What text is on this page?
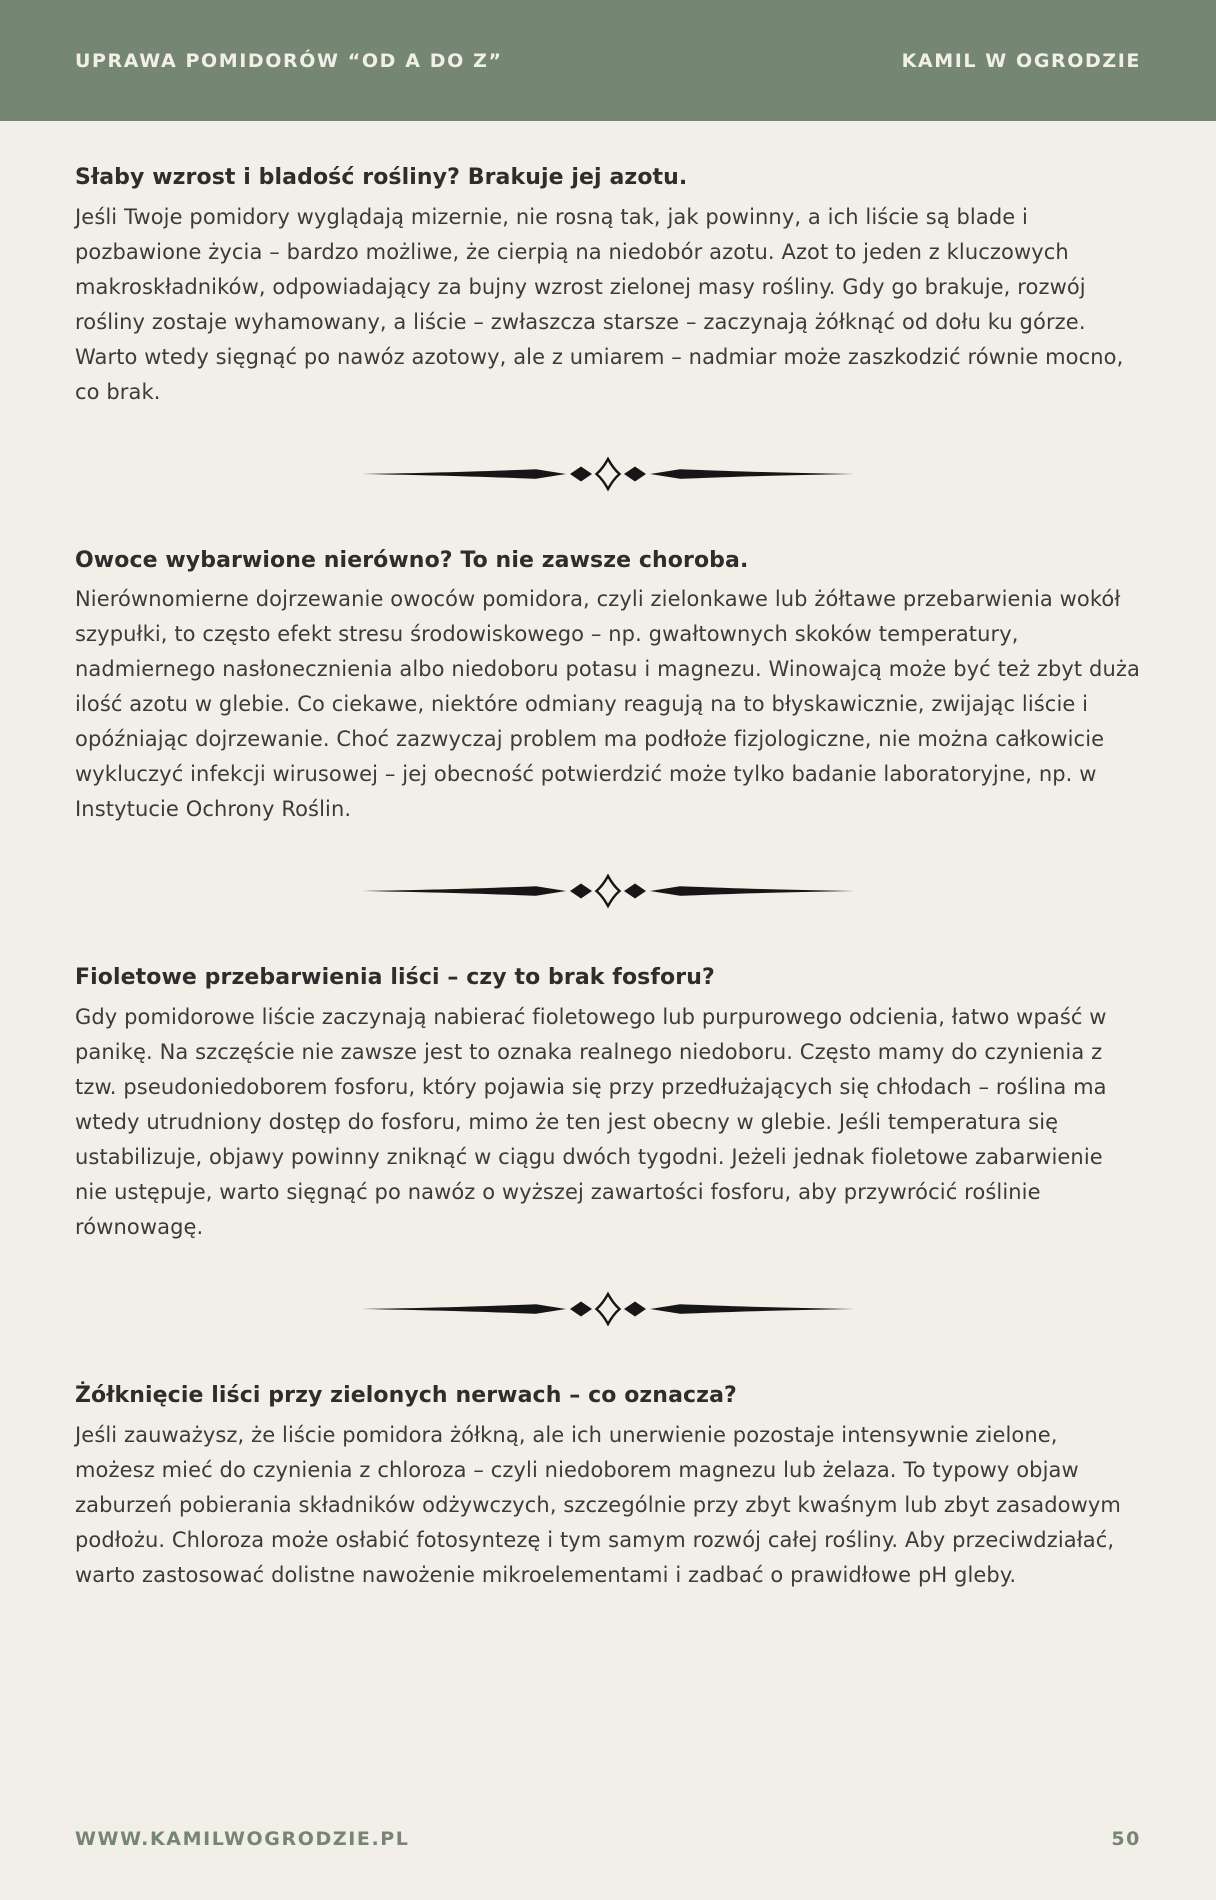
UPRAWA POMIDORÓW “OD A DO Z”	KAMIL W OGRODZIE
Słaby wzrost i bladość rośliny? Brakuje jej azotu.

Jeśli Twoje pomidory wyglądają mizernie, nie rosną tak, jak powinny, a ich liście są blade i pozbawione życia – bardzo możliwe, że cierpią na niedobór azotu. Azot to jeden z kluczowych makroskładników, odpowiadający za bujny wzrost zielonej masy rośliny. Gdy go brakuje, rozwój rośliny zostaje wyhamowany, a liście – zwłaszcza starsze – zaczynają żółknąć od dołu ku górze. Warto wtedy sięgnąć po nawóz azotowy, ale z umiarem – nadmiar może zaszkodzić równie mocno, co brak.

Owoce wybarwione nierówno? To nie zawsze choroba.

Nierównomierne dojrzewanie owoców pomidora, czyli zielonkawe lub żółtawe przebarwienia wokół szypułki, to często efekt stresu środowiskowego – np. gwałtownych skoków temperatury, nadmiernego nasłonecznienia albo niedoboru potasu i magnezu. Winowajcą może być też zbyt duża ilość azotu w glebie. Co ciekawe, niektóre odmiany reagują na to błyskawicznie, zwijając liście i opóźniając dojrzewanie. Choć zazwyczaj problem ma podłoże fizjologiczne, nie można całkowicie wykluczyć infekcji wirusowej – jej obecność potwierdzić może tylko badanie laboratoryjne, np. w Instytucie Ochrony Roślin.

Fioletowe przebarwienia liści – czy to brak fosforu?

Gdy pomidorowe liście zaczynają nabierać fioletowego lub purpurowego odcienia, łatwo wpaść w panikę. Na szczęście nie zawsze jest to oznaka realnego niedoboru. Często mamy do czynienia z tzw. pseudoniedoborem fosforu, który pojawia się przy przedłużających się chłodach – roślina ma wtedy utrudniony dostęp do fosforu, mimo że ten jest obecny w glebie. Jeśli temperatura się ustabilizuje, objawy powinny zniknąć w ciągu dwóch tygodni. Jeżeli jednak fioletowe zabarwienie nie ustępuje, warto sięgnąć po nawóz o wyższej zawartości fosforu, aby przywrócić roślinie równowagę.

Żółknięcie liści przy zielonych nerwach – co oznacza?

Jeśli zauważysz, że liście pomidora żółkną, ale ich unerwienie pozostaje intensywnie zielone, możesz mieć do czynienia z chloroza – czyli niedoborem magnezu lub żelaza. To typowy objaw zaburzeń pobierania składników odżywczych, szczególnie przy zbyt kwaśnym lub zbyt zasadowym podłożu. Chloroza może osłabić fotosyntezę i tym samym rozwój całej rośliny. Aby przeciwdziałać, warto zastosować dolistne nawożenie mikroelementami i zadbać o prawidłowe pH gleby.

WWW.KAMILWOGRODZIE.PL	50
